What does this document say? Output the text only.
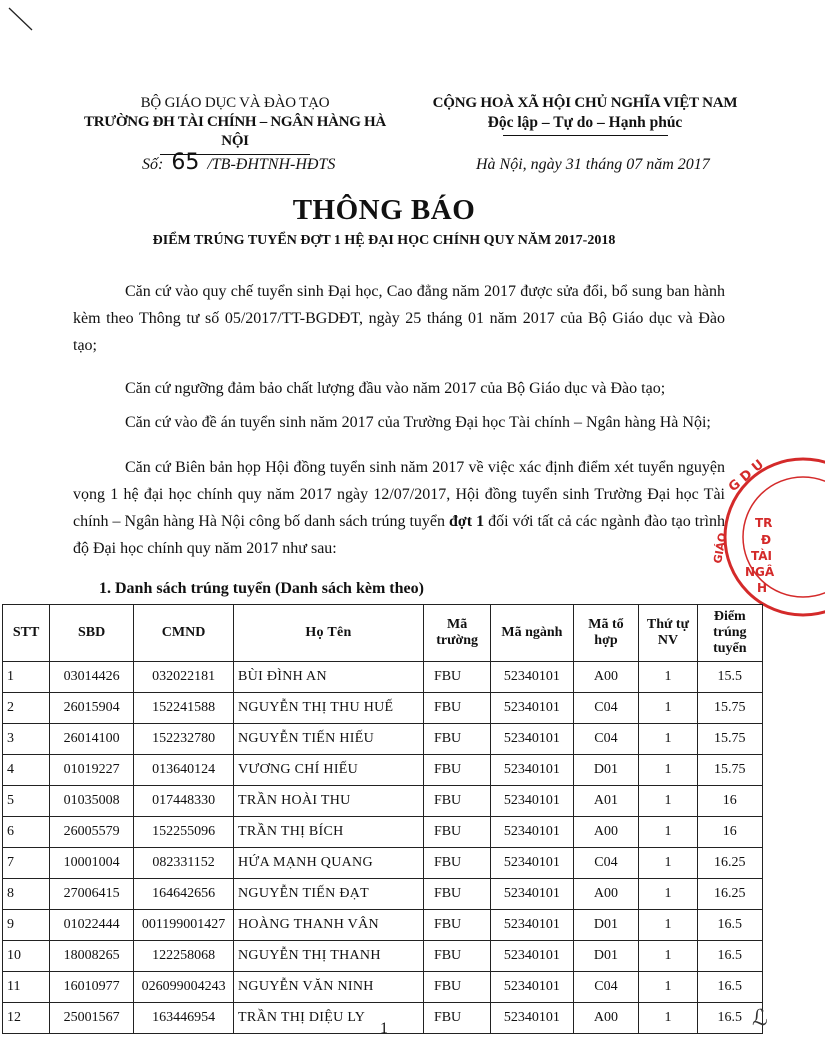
BỘ GIÁO DỤC VÀ ĐÀO TẠO
TRƯỜNG ĐH TÀI CHÍNH – NGÂN HÀNG HÀ NỘI
CỘNG HOÀ XÃ HỘI CHỦ NGHĨA VIỆT NAM
Độc lập – Tự do – Hạnh phúc
Số: 65 /TB-ĐHTNH-HĐTS	Hà Nội, ngày 31 tháng 07 năm 2017
THÔNG BÁO
ĐIỂM TRÚNG TUYỂN ĐỢT 1 HỆ ĐẠI HỌC CHÍNH QUY NĂM 2017-2018
Căn cứ vào quy chế tuyển sinh Đại học, Cao đẳng năm 2017 được sửa đổi, bổ sung ban hành kèm theo Thông tư số 05/2017/TT-BGDĐT, ngày 25 tháng 01 năm 2017 của Bộ Giáo dục và Đào tạo;
Căn cứ ngưỡng đảm bảo chất lượng đầu vào năm 2017 của Bộ Giáo dục và Đào tạo;
Căn cứ vào đề án tuyển sinh năm 2017 của Trường Đại học Tài chính – Ngân hàng Hà Nội;
Căn cứ Biên bản họp Hội đồng tuyển sinh năm 2017 về việc xác định điểm xét tuyển nguyện vọng 1 hệ đại học chính quy năm 2017 ngày 12/07/2017, Hội đồng tuyển sinh Trường Đại học Tài chính – Ngân hàng Hà Nội công bố danh sách trúng tuyển đợt 1 đối với tất cả các ngành đào tạo trình độ Đại học chính quy năm 2017 như sau:
1. Danh sách trúng tuyển (Danh sách kèm theo)
G D U
GIÁO
TR
Đ
TÀI
NGÂ
H
STT	SBD	CMND	Họ Tên	Mã trường	Mã ngành	Mã tổ hợp	Thứ tự NV	Điểm trúng tuyển
1	03014426	032022181	BÙI ĐÌNH AN	FBU	52340101	A00	1	15.5
2	26015904	152241588	NGUYỄN THỊ THU HUẾ	FBU	52340101	C04	1	15.75
3	26014100	152232780	NGUYỄN TIẾN HIẾU	FBU	52340101	C04	1	15.75
4	01019227	013640124	VƯƠNG CHÍ HIẾU	FBU	52340101	D01	1	15.75
5	01035008	017448330	TRẦN HOÀI THU	FBU	52340101	A01	1	16
6	26005579	152255096	TRẦN THỊ BÍCH	FBU	52340101	A00	1	16
7	10001004	082331152	HỨA MẠNH QUANG	FBU	52340101	C04	1	16.25
8	27006415	164642656	NGUYỄN TIẾN ĐẠT	FBU	52340101	A00	1	16.25
9	01022444	001199001427	HOÀNG THANH VÂN	FBU	52340101	D01	1	16.5
10	18008265	122258068	NGUYỄN THỊ THANH	FBU	52340101	D01	1	16.5
11	16010977	026099004243	NGUYỄN VĂN NINH	FBU	52340101	C04	1	16.5
12	25001567	163446954	TRẦN THỊ DIỆU LY	FBU	52340101	A00	1	16.5
1	ℒ
